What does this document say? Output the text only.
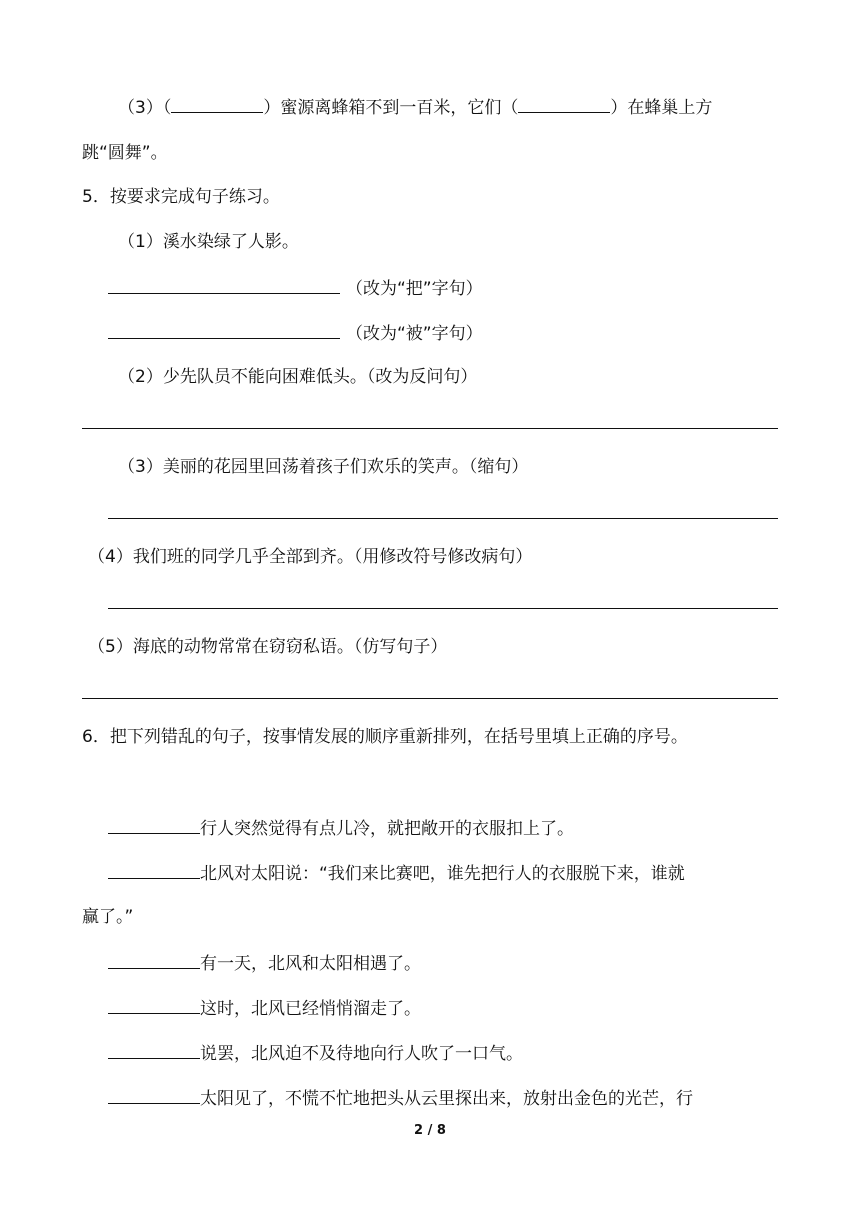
（3）（	）蜜源离蜂箱不到一百米，它们（	）在蜂巢上方
跳“圆舞”。
5．按要求完成句子练习。
（1）溪水染绿了人影。
（改为“把”字句）
（改为“被”字句）
（2）少先队员不能向困难低头。（改为反问句）
（3）美丽的花园里回荡着孩子们欢乐的笑声。（缩句）
（4）我们班的同学几乎全部到齐。（用修改符号修改病句）
（5）海底的动物常常在窃窃私语。（仿写句子）
6．把下列错乱的句子，按事情发展的顺序重新排列，在括号里填上正确的序号。
行人突然觉得有点儿冷，就把敞开的衣服扣上了。
北风对太阳说：“我们来比赛吧，谁先把行人的衣服脱下来，谁就
赢了。”
有一天，北风和太阳相遇了。
这时，北风已经悄悄溜走了。
说罢，北风迫不及待地向行人吹了一口气。
太阳见了，不慌不忙地把头从云里探出来，放射出金色的光芒，行
2 / 8
